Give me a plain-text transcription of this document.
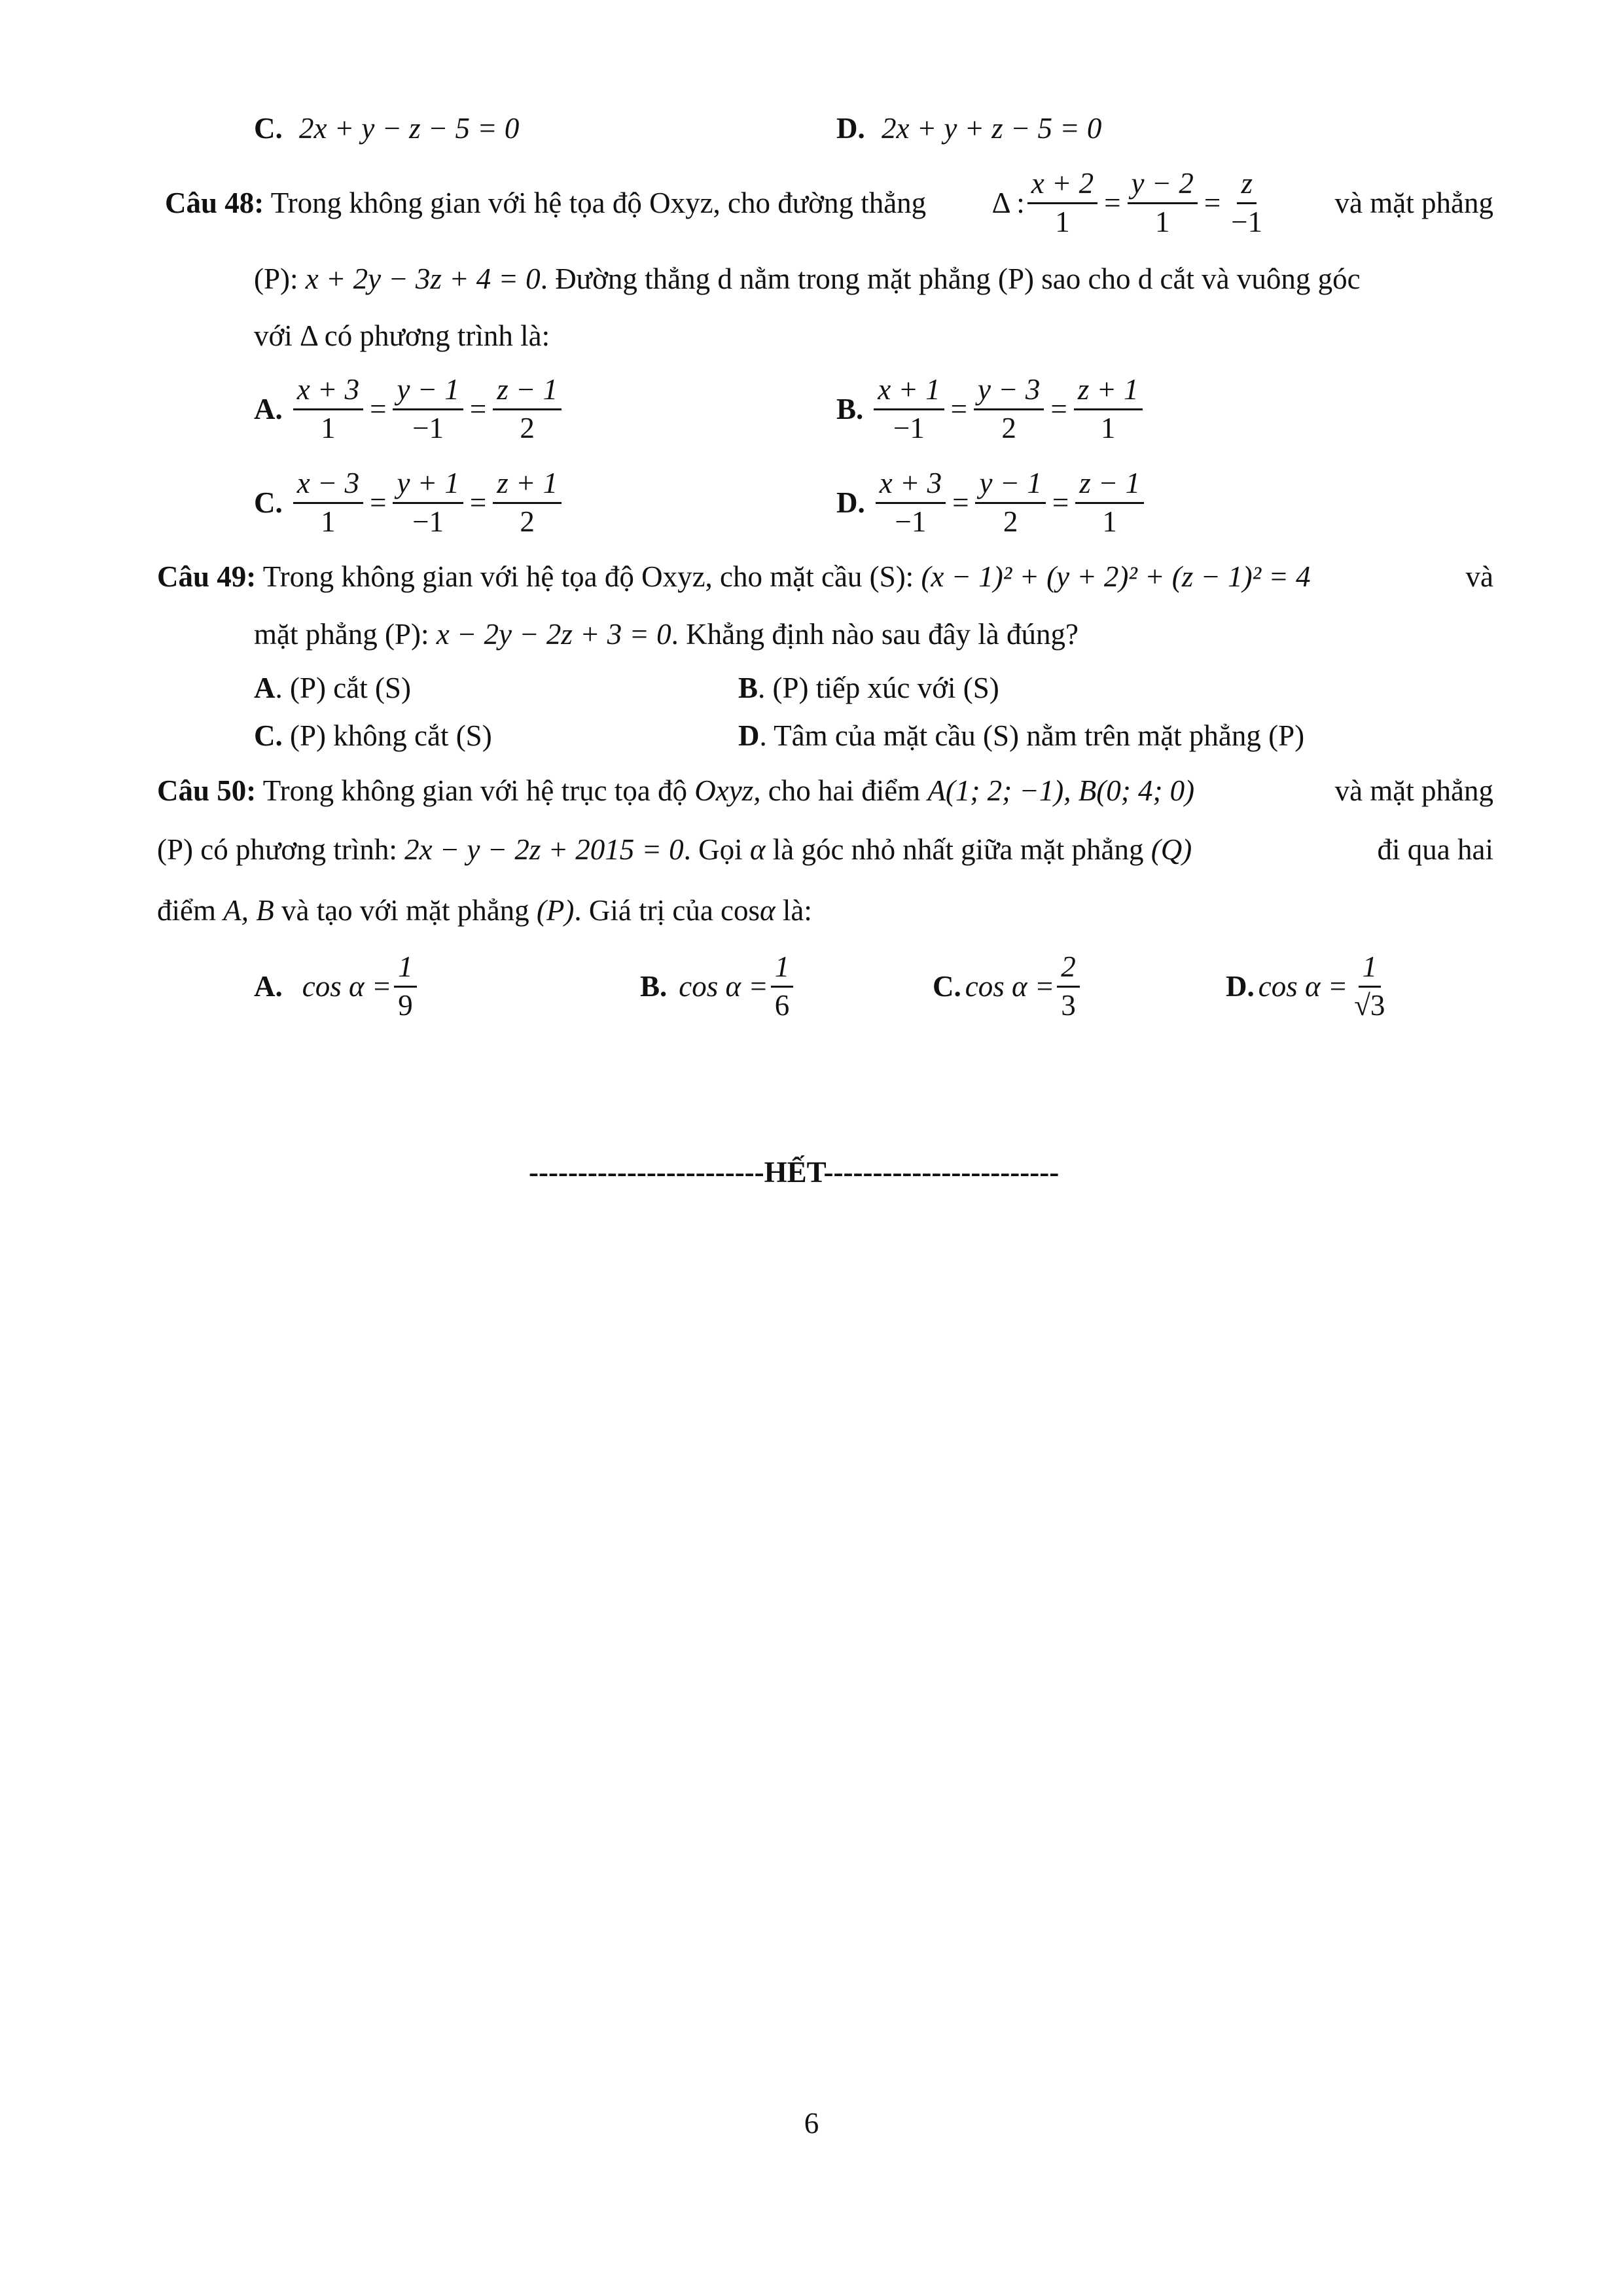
C. 2x + y − z − 5 = 0	D. 2x + y + z − 5 = 0
Câu 48: Trong không gian với hệ tọa độ Oxyz, cho đường thẳng Δ : $\frac{x + 2}{1} = \frac{y - 2}{1} = \frac{z}{-1}$ và mặt phẳng
(P): x + 2y − 3z + 4 = 0. Đường thẳng d nằm trong mặt phẳng (P) sao cho d cắt và vuông góc
với Δ có phương trình là:
A. $\frac{x + 3}{1} = \frac{y - 1}{-1} = \frac{z - 1}{2}$	B. $\frac{x + 1}{-1} = \frac{y - 3}{2} = \frac{z + 1}{1}$
C. $\frac{x - 3}{1} = \frac{y + 1}{-1} = \frac{z + 1}{2}$	D. $\frac{x + 3}{-1} = \frac{y - 1}{2} = \frac{z - 1}{1}$
Câu 49: Trong không gian với hệ tọa độ Oxyz, cho mặt cầu (S): (x − 1)² + (y + 2)² + (z − 1)² = 4	và
mặt phẳng (P): x − 2y − 2z + 3 = 0. Khẳng định nào sau đây là đúng?
A. (P) cắt (S)	B. (P) tiếp xúc với (S)
C. (P) không cắt (S)	D. Tâm của mặt cầu (S) nằm trên mặt phẳng (P)
Câu 50: Trong không gian với hệ trục tọa độ Oxyz, cho hai điểm A(1; 2; −1), B(0; 4; 0)	và mặt phẳng
(P) có phương trình: 2x − y − 2z + 2015 = 0. Gọi α là góc nhỏ nhất giữa mặt phẳng (Q)	đi qua hai
điểm A, B và tạo với mặt phẳng (P). Giá trị của cosα là:
A. $\cos \alpha = \frac{1}{9}$	B. $\cos \alpha = \frac{1}{6}$	C. $\cos \alpha = \frac{2}{3}$	D. $\cos \alpha = \frac{1}{√3}$
------------------------HẾT------------------------
6
